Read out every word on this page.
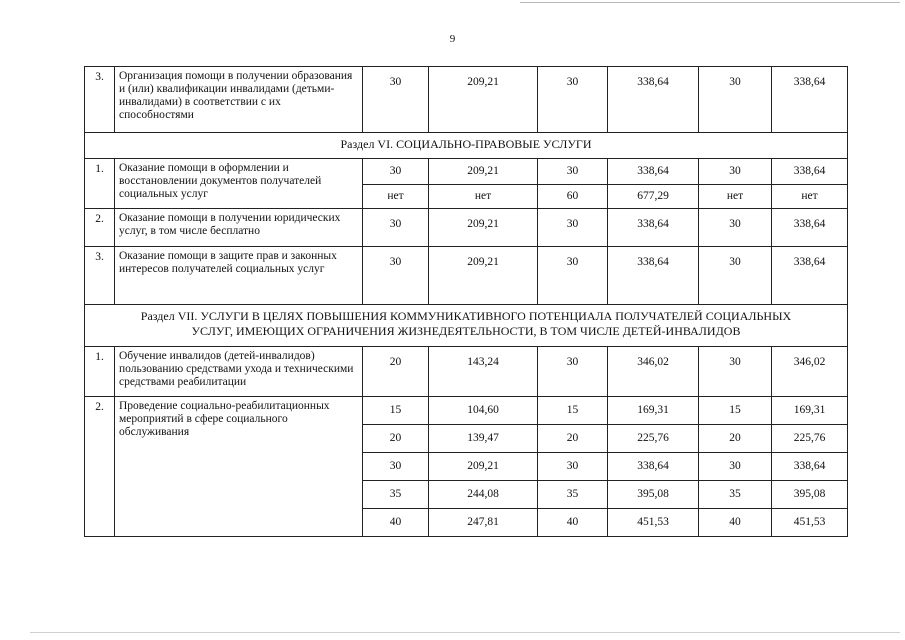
9
3.	Организация помощи в получении образования и (или) квалификации инвалидами (детьми-инвалидами) в соответствии с их способностями	30	209,21	30	338,64	30	338,64
Раздел VI. СОЦИАЛЬНО-ПРАВОВЫЕ УСЛУГИ							
1.	Оказание помощи в оформлении и восстановлении документов получателей социальных услуг	30	209,21	30	338,64	30	338,64
		нет	нет	60	677,29	нет	нет
2.	Оказание помощи в получении юридических услуг, в том числе бесплатно	30	209,21	30	338,64	30	338,64
3.	Оказание помощи в защите прав и законных интересов получателей социальных услуг	30	209,21	30	338,64	30	338,64

Раздел VII. УСЛУГИ В ЦЕЛЯХ ПОВЫШЕНИЯ КОММУНИКАТИВНОГО ПОТЕНЦИАЛА ПОЛУЧАТЕЛЕЙ СОЦИАЛЬНЫХ
УСЛУГ, ИМЕЮЩИХ ОГРАНИЧЕНИЯ ЖИЗНЕДЕЯТЕЛЬНОСТИ, В ТОМ ЧИСЛЕ ДЕТЕЙ-ИНВАЛИДОВ							

1.	Обучение инвалидов (детей-инвалидов) пользованию средствами ухода и техническими средствами реабилитации	20	143,24	30	346,02	30	346,02
2.	Проведение социально-реабилитационных мероприятий в сфере социального обслуживания	15	104,60	15	169,31	15	169,31
		20	139,47	20	225,76	20	225,76
		30	209,21	30	338,64	30	338,64
		35	244,08	35	395,08	35	395,08
		40	247,81	40	451,53	40	451,53
